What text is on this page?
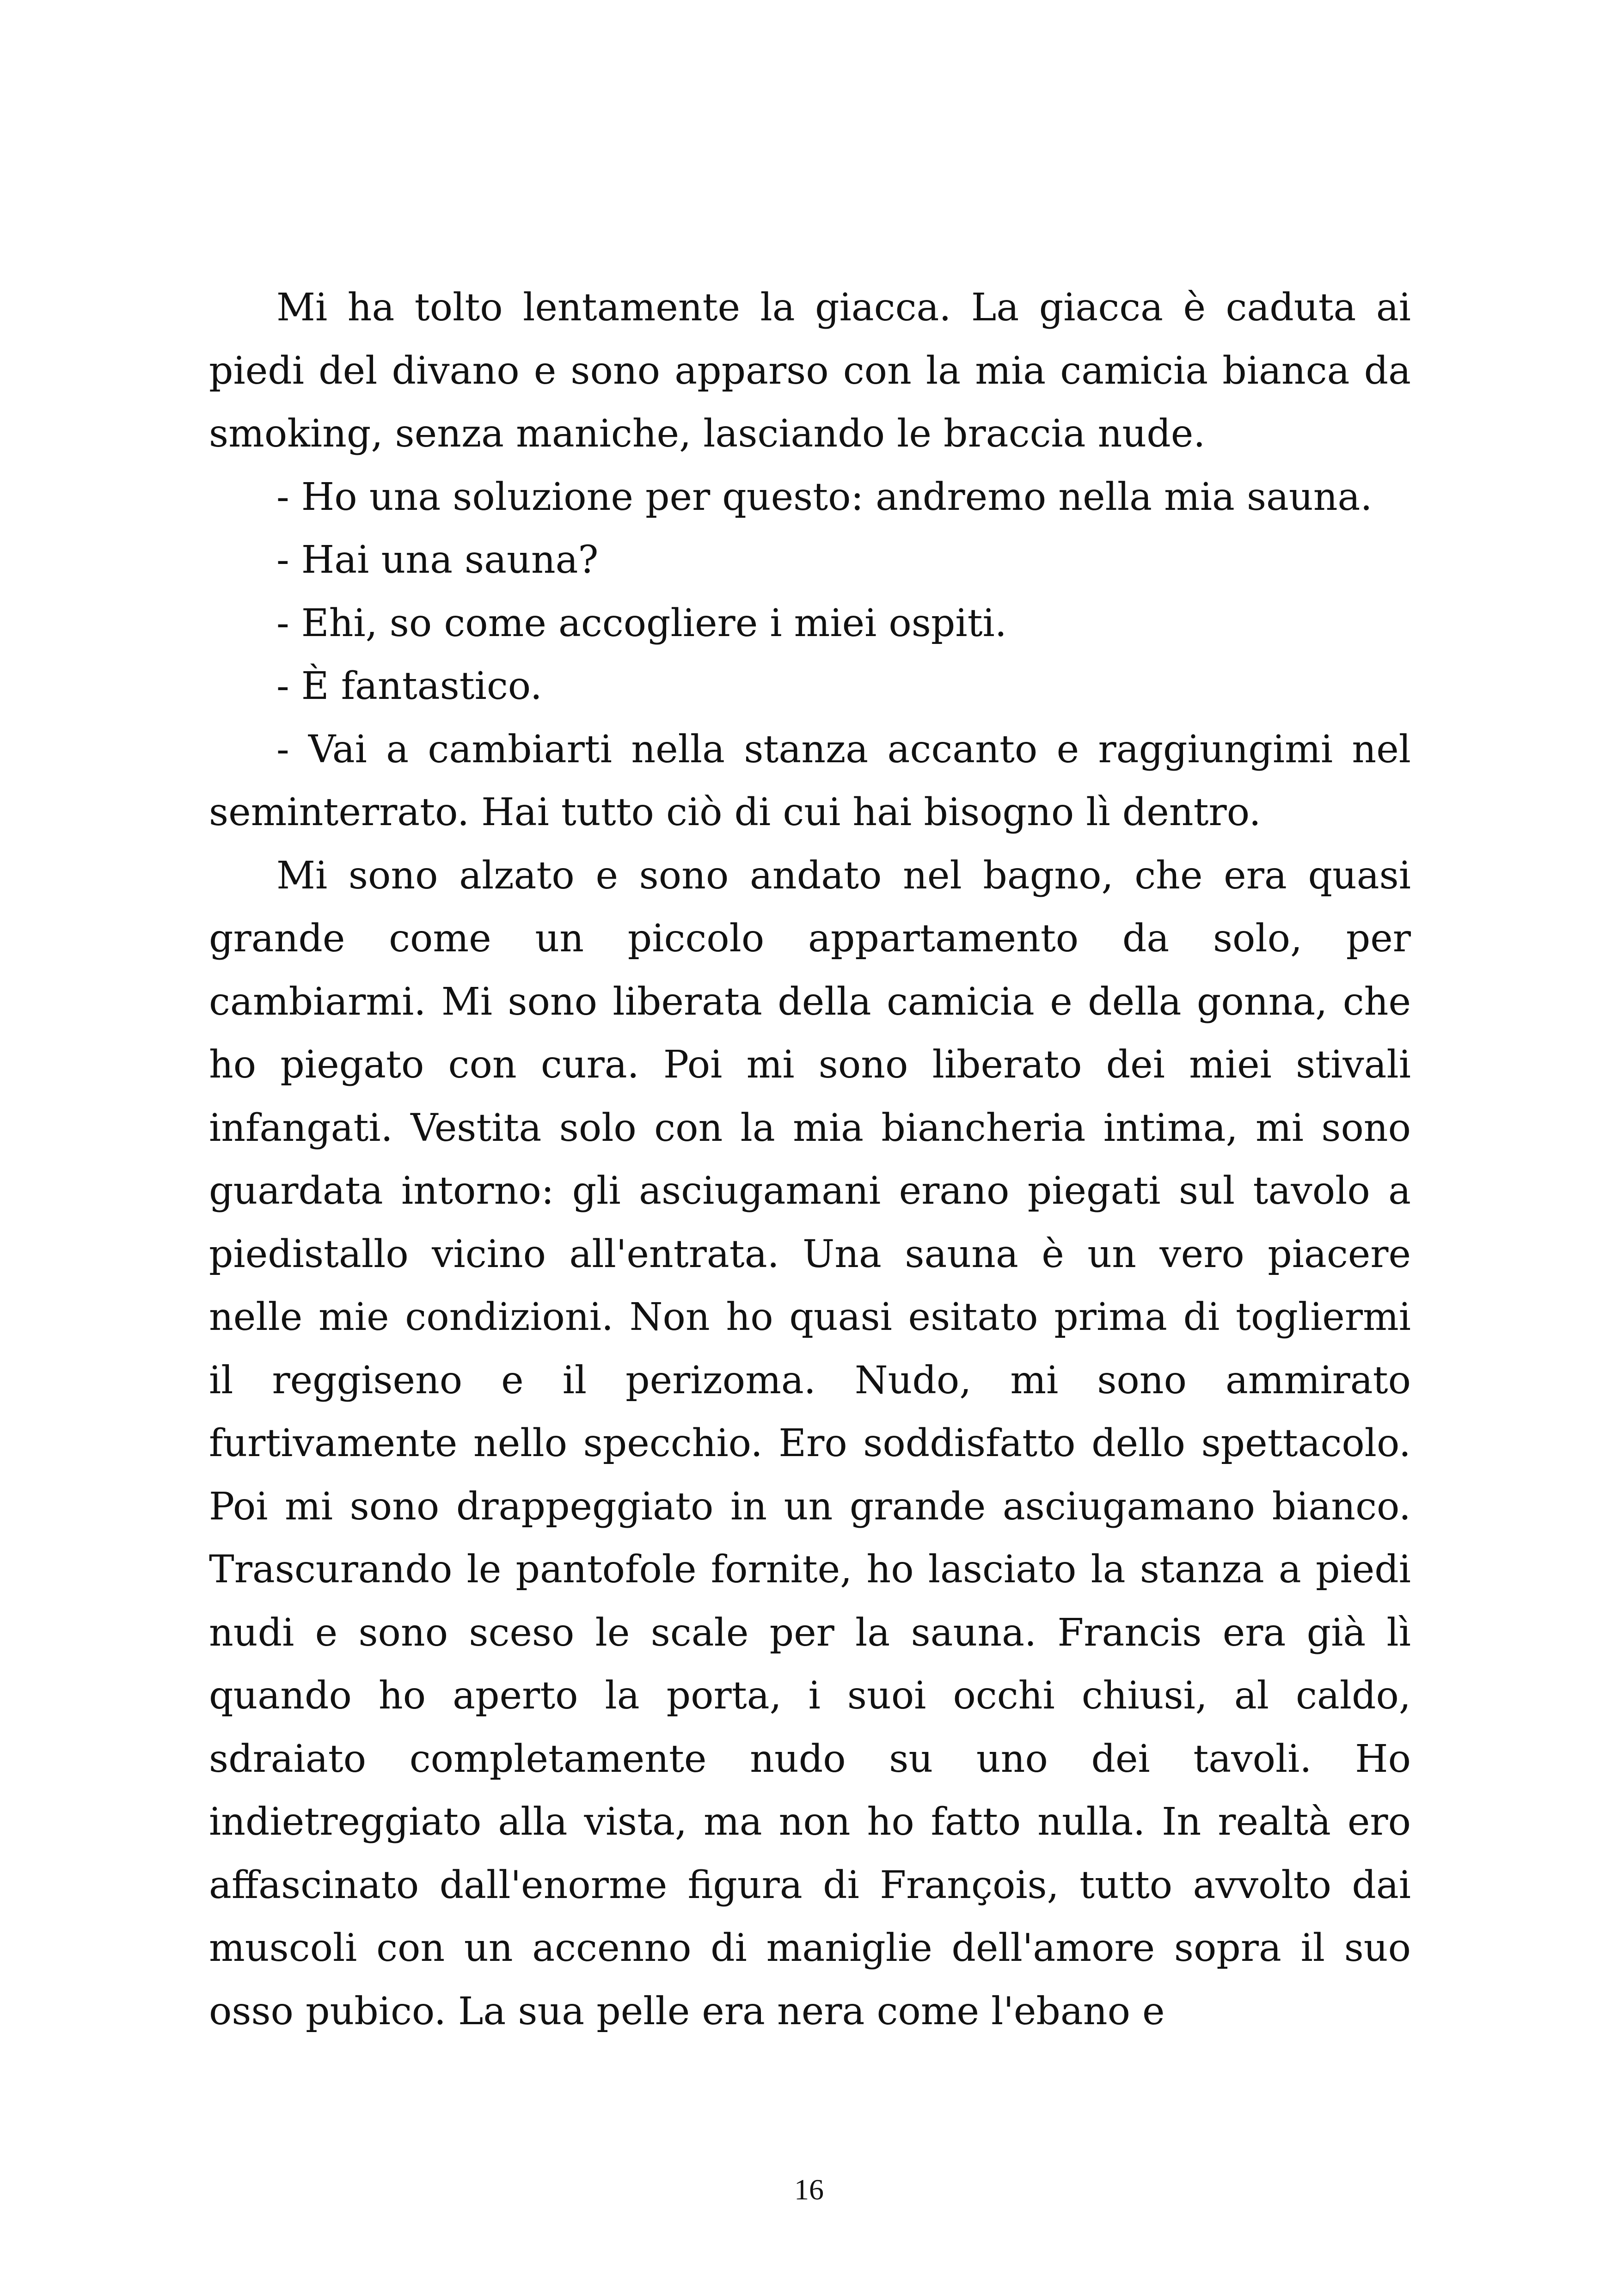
Mi ha tolto lentamente la giacca. La giacca è caduta ai piedi del divano e sono apparso con la mia camicia bianca da smoking, senza maniche, lasciando le braccia nude.

- Ho una soluzione per questo: andremo nella mia sauna.

- Hai una sauna?

- Ehi, so come accogliere i miei ospiti.

- È fantastico.

- Vai a cambiarti nella stanza accanto e raggiungimi nel seminterrato. Hai tutto ciò di cui hai bisogno lì dentro.

Mi sono alzato e sono andato nel bagno, che era quasi grande come un piccolo appartamento da solo, per cambiarmi. Mi sono liberata della camicia e della gonna, che ho piegato con cura. Poi mi sono liberato dei miei stivali infangati. Vestita solo con la mia biancheria intima, mi sono guardata intorno: gli asciugamani erano piegati sul tavolo a piedistallo vicino all'entrata. Una sauna è un vero piacere nelle mie condizioni. Non ho quasi esitato prima di togliermi il reggiseno e il perizoma. Nudo, mi sono ammirato furtivamente nello specchio. Ero soddisfatto dello spettacolo. Poi mi sono drappeggiato in un grande asciugamano bianco. Trascurando le pantofole fornite, ho lasciato la stanza a piedi nudi e sono sceso le scale per la sauna. Francis era già lì quando ho aperto la porta, i suoi occhi chiusi, al caldo, sdraiato completamente nudo su uno dei tavoli. Ho indietreggiato alla vista, ma non ho fatto nulla. In realtà ero affascinato dall'enorme figura di François, tutto avvolto dai muscoli con un accenno di maniglie dell'amore sopra il suo osso pubico. La sua pelle era nera come l'ebano e

16
